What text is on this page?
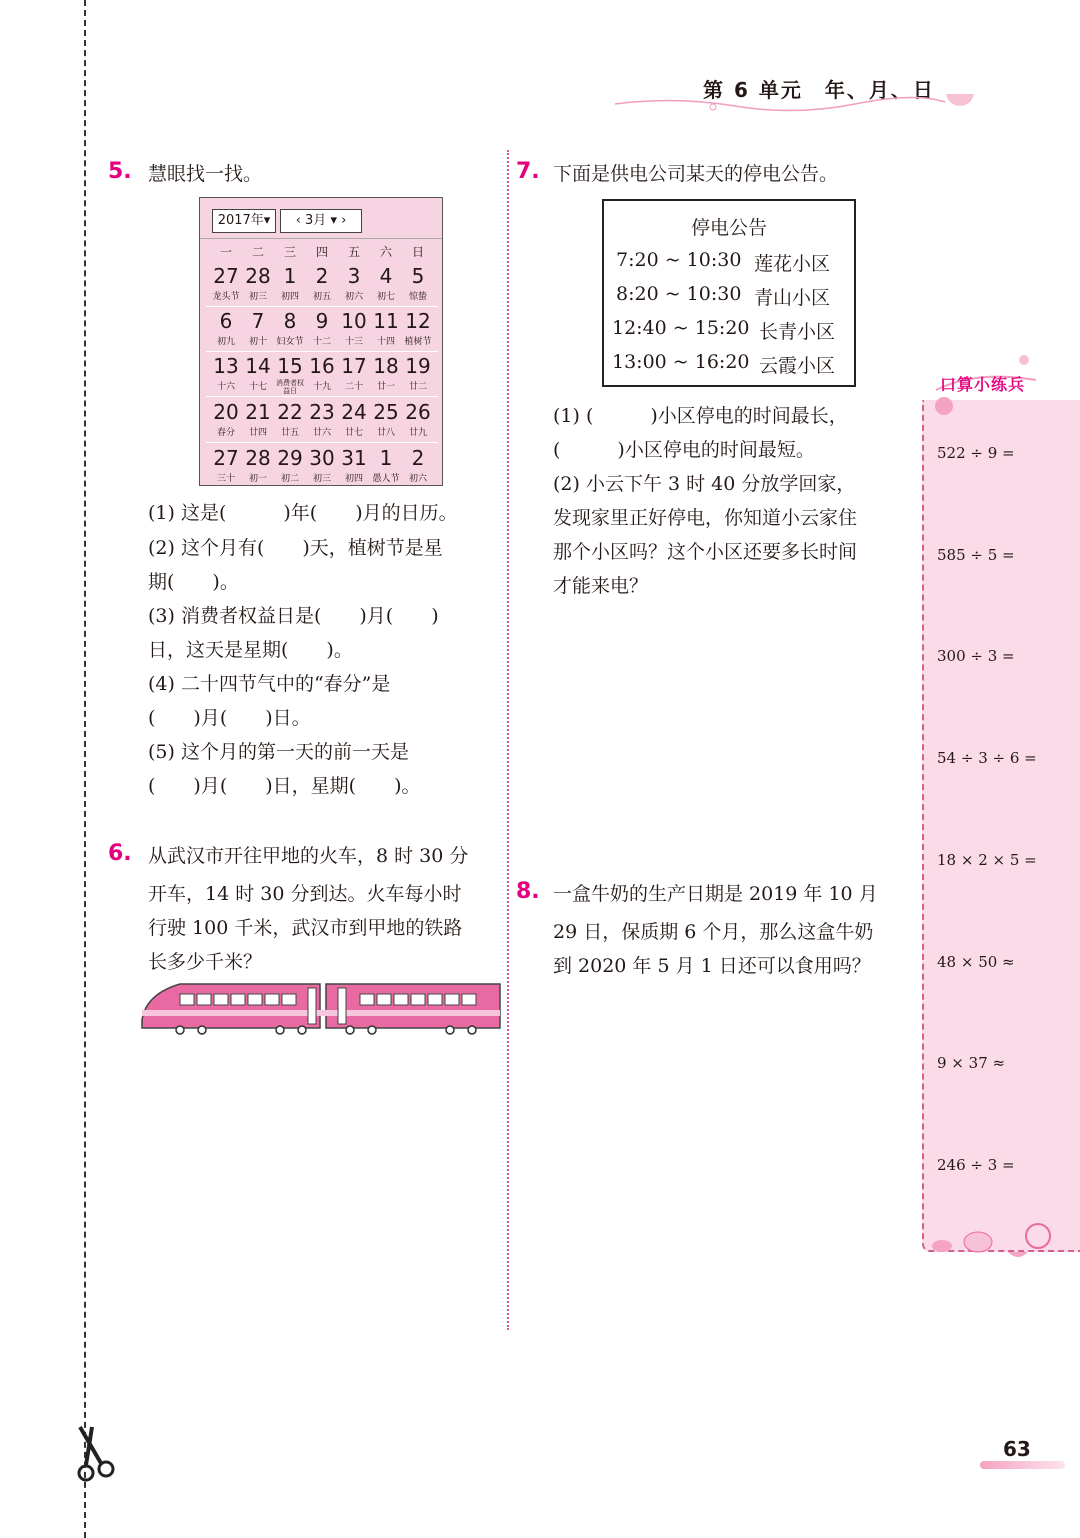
第 6 单元　年、月、日
5. 慧眼找一找。
2017年▾	‹ 3月 ▾ ›
一	二	三	四	五	六	日
27 28 1 2 3 4 5
龙头节	初三	初四	初五	初六	初七	惊蛰
6 7 8 9 10 11 12
初九	初十	妇女节	十二	十三	十四	植树节
13 14 15 16 17 18 19
十六	十七	消费者权益日	十九	二十	廿一	廿二
20 21 22 23 24 25 26
春分	廿四	廿五	廿六	廿七	廿八	廿九
27 28 29 30 31 1 2
三十	初一	初二	初三	初四	愚人节	初六
(1) 这是(　　　)年(　　)月的日历。
(2) 这个月有(　　)天，植树节是星
期(　　)。
(3) 消费者权益日是(　　)月(　　)
日，这天是星期(　　)。
(4) 二十四节气中的“春分”是
(　　)月(　　)日。
(5) 这个月的第一天的前一天是
(　　)月(　　)日，星期(　　)。
6. 从武汉市开往甲地的火车，8 时 30 分
开车，14 时 30 分到达。火车每小时
行驶 100 千米，武汉市到甲地的铁路
长多少千米？
7. 下面是供电公司某天的停电公告。
停电公告
7:20 ~ 10:30 莲花小区
8:20 ~ 10:30 青山小区
12:40 ~ 15:20 长青小区
13:00 ~ 16:20 云霞小区
(1) (　　　)小区停电的时间最长，
(　　　)小区停电的时间最短。
(2) 小云下午 3 时 40 分放学回家，
发现家里正好停电，你知道小云家住
那个小区吗？这个小区还要多长时间
才能来电？
8. 一盒牛奶的生产日期是 2019 年 10 月
29 日，保质期 6 个月，那么这盒牛奶
到 2020 年 5 月 1 日还可以食用吗？
口算小练兵
522 ÷ 9 =
585 ÷ 5 =
300 ÷ 3 =
54 ÷ 3 ÷ 6 =
18 × 2 × 5 =
48 × 50 ≈
9 × 37 ≈
246 ÷ 3 =
63
